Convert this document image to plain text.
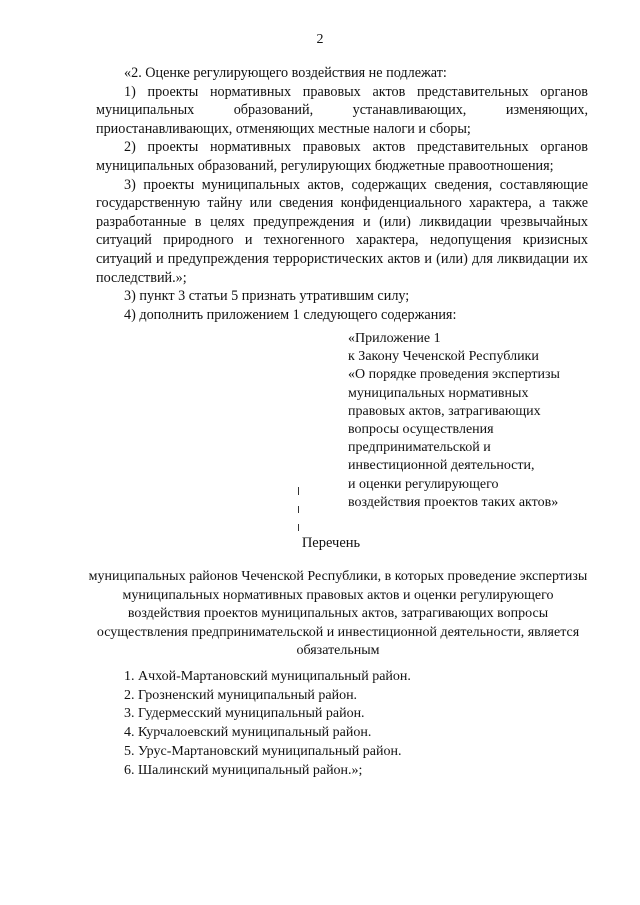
2

«2. Оценке регулирующего воздействия не подлежат:

1) проекты нормативных правовых актов представительных органов муниципальных образований, устанавливающих, изменяющих, приостанавливающих, отменяющих местные налоги и сборы;

2) проекты нормативных правовых актов представительных органов муниципальных образований, регулирующих бюджетные правоотношения;

3) проекты муниципальных актов, содержащих сведения, составляющие государственную тайну или сведения конфиденциального характера, а также разработанные в целях предупреждения и (или) ликвидации чрезвычайных ситуаций природного и техногенного характера, недопущения кризисных ситуаций и предупреждения террористических актов и (или) для ликвидации их последствий.»;

3) пункт 3 статьи 5 признать утратившим силу;

4) дополнить приложением 1 следующего содержания:

«Приложение 1
к Закону Чеченской Республики
«О порядке проведения экспертизы
муниципальных нормативных
правовых актов, затрагивающих
вопросы осуществления
предпринимательской и
инвестиционной деятельности,
и оценки регулирующего
воздействия проектов таких актов»
Перечень
муниципальных районов Чеченской Республики, в которых проведение экспертизы муниципальных нормативных правовых актов и оценки регулирующего воздействия проектов муниципальных актов, затрагивающих вопросы осуществления предпринимательской и инвестиционной деятельности, является обязательным
1. Ачхой-Мартановский муниципальный район.
2. Грозненский муниципальный район.
3. Гудермесский муниципальный район.
4. Курчалоевский муниципальный район.
5. Урус-Мартановский муниципальный район.
6. Шалинский муниципальный район.»;
